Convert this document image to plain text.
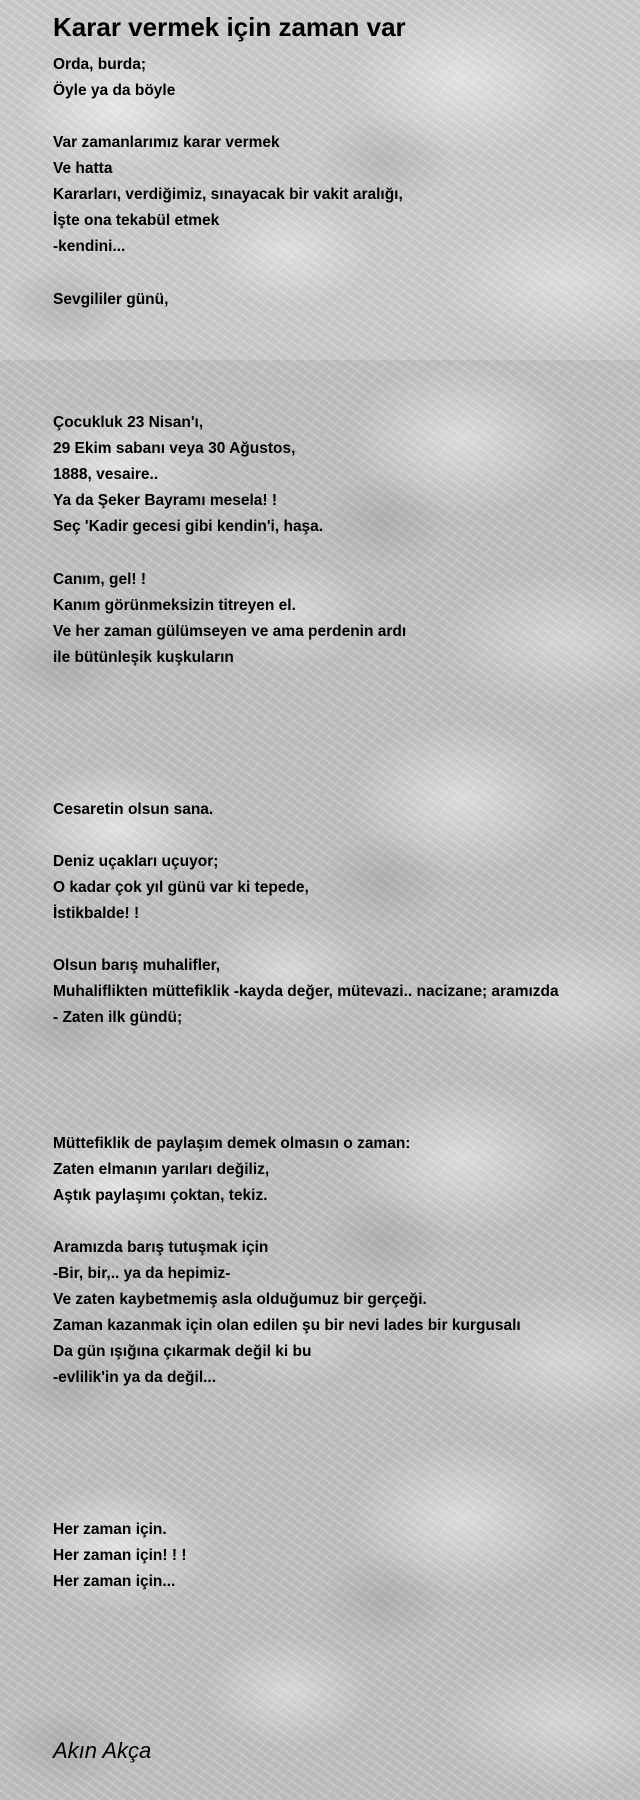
Karar vermek için zaman var
Orda, burda;
Öyle ya da böyle
Var zamanlarımız karar vermek
Ve hatta
Kararları, verdiğimiz, sınayacak bir vakit aralığı,
İşte ona tekabül etmek
-kendini...
Sevgililer günü,
Çocukluk 23 Nisan'ı,
29 Ekim sabanı veya 30 Ağustos,
1888, vesaire..
Ya da Şeker Bayramı mesela! !
Seç 'Kadir gecesi gibi kendin'i, haşa.
Canım, gel! !
Kanım görünmeksizin titreyen el.
Ve her zaman gülümseyen ve ama perdenin ardı
ile bütünleşik kuşkuların
Cesaretin olsun sana.
Deniz uçakları uçuyor;
O kadar çok yıl günü var ki tepede,
İstikbalde! !
Olsun barış muhalifler,
Muhaliflikten müttefiklik -kayda değer, mütevazi.. nacizane; aramızda
- Zaten ilk gündü;
Müttefiklik de paylaşım demek olmasın o zaman:
Zaten elmanın yarıları değiliz,
Aştık paylaşımı çoktan, tekiz.
Aramızda barış tutuşmak için
-Bir, bir,.. ya da hepimiz-
Ve zaten kaybetmemiş asla olduğumuz bir gerçeği.
Zaman kazanmak için olan edilen şu bir nevi lades bir kurgusalı
Da gün ışığına çıkarmak değil ki bu
-evlilik'in ya da değil...
Her zaman için.
Her zaman için! ! !
Her zaman için...
Akın Akça
